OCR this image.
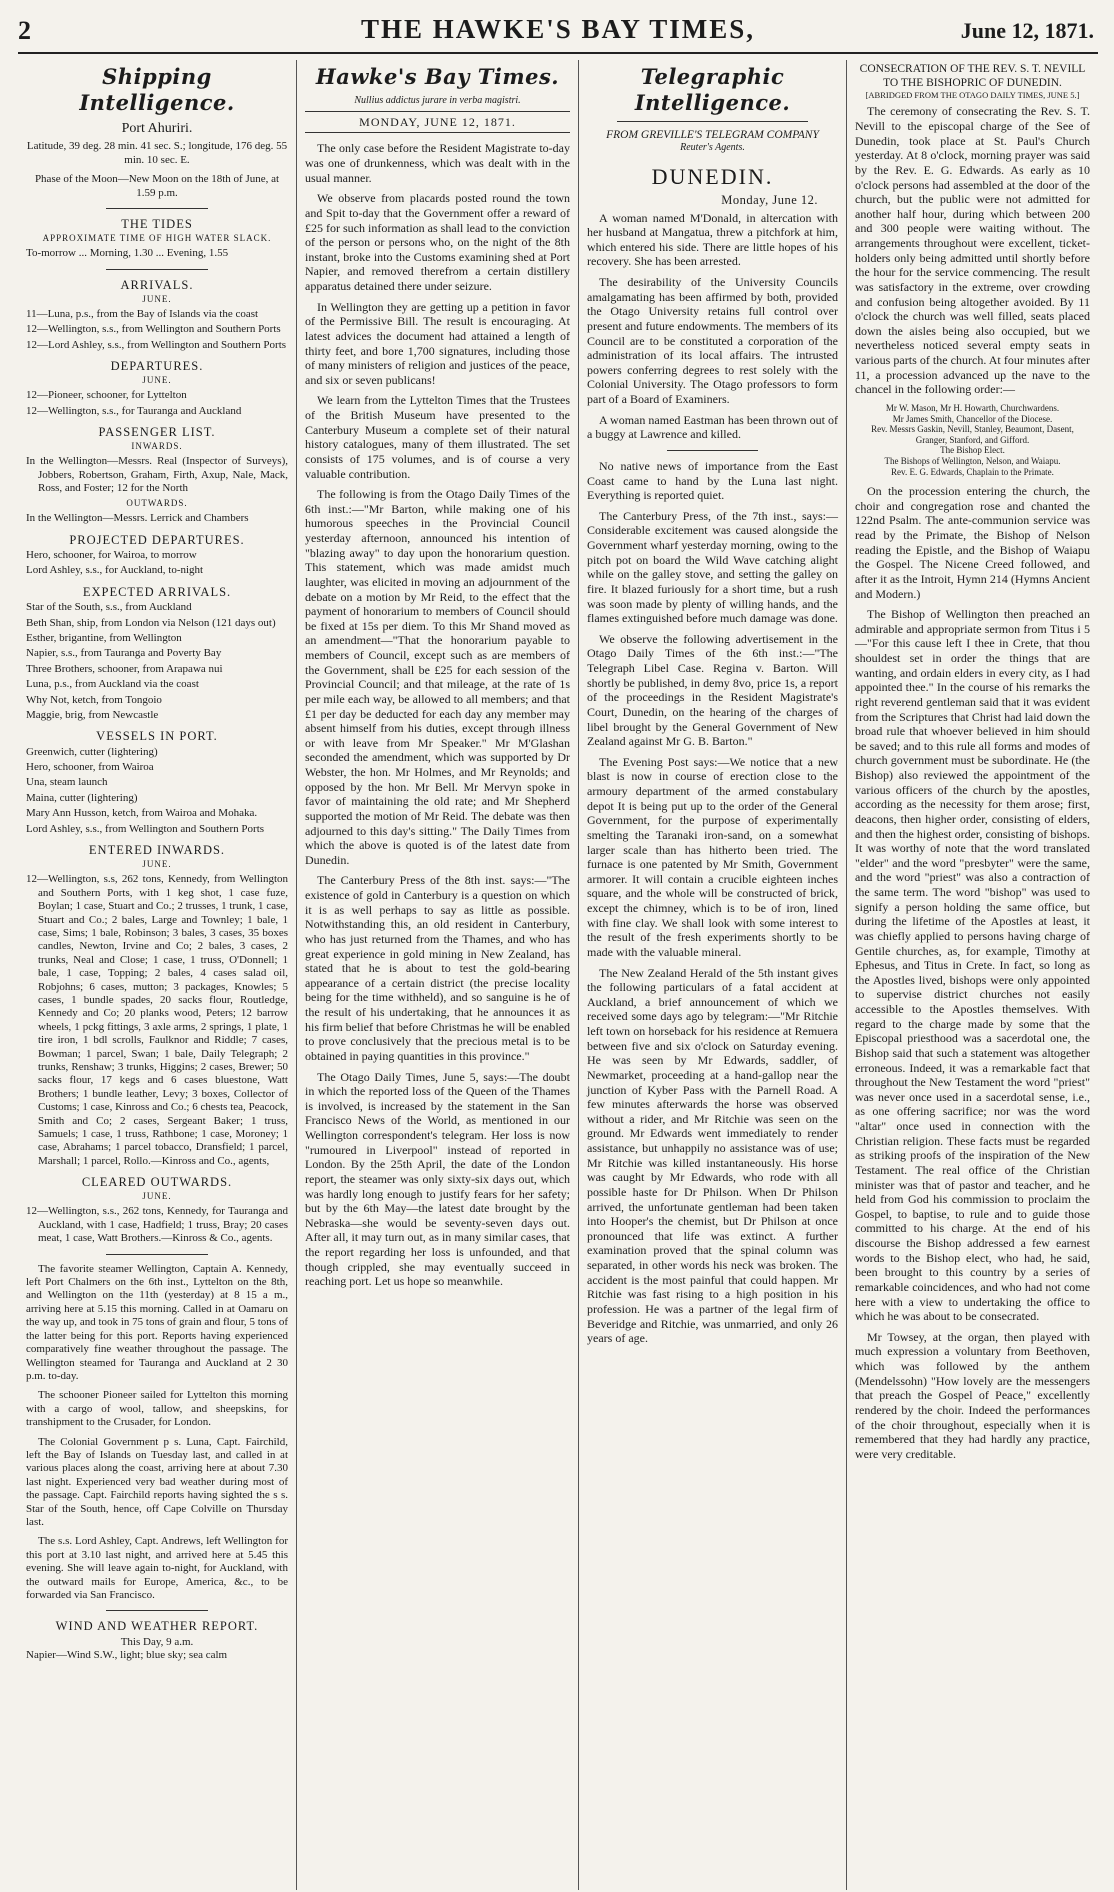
2	THE HAWKE'S BAY TIMES,	June 12, 1871.
Shipping Intelligence.
Port Ahuriri.

Latitude, 39 deg. 28 min. 41 sec. S.; longitude, 176 deg. 55 min. 10 sec. E.

Phase of the Moon—New Moon on the 18th of June, at 1.59 p.m.

THE TIDES
APPROXIMATE TIME OF HIGH WATER SLACK.

To-morrow ... Morning, 1.30 ... Evening, 1.55

ARRIVALS.
JUNE.
11—Luna, p.s., from the Bay of Islands via the coast
12—Wellington, s.s., from Wellington and Southern Ports
12—Lord Ashley, s.s., from Wellington and Southern Ports
DEPARTURES.
JUNE.
12—Pioneer, schooner, for Lyttelton
12—Wellington, s.s., for Tauranga and Auckland
PASSENGER LIST.
INWARDS.
In the Wellington—Messrs. Real (Inspector of Surveys), Jobbers, Robertson, Graham, Firth, Axup, Nale, Mack, Ross, and Foster; 12 for the North
OUTWARDS.
In the Wellington—Messrs. Lerrick and Chambers
PROJECTED DEPARTURES.
Hero, schooner, for Wairoa, to morrow
Lord Ashley, s.s., for Auckland, to-night
EXPECTED ARRIVALS.
Star of the South, s.s., from Auckland
Beth Shan, ship, from London via Nelson (121 days out)
Esther, brigantine, from Wellington
Napier, s.s., from Tauranga and Poverty Bay
Three Brothers, schooner, from Arapawa nui
Luna, p.s., from Auckland via the coast
Why Not, ketch, from Tongoio
Maggie, brig, from Newcastle
VESSELS IN PORT.
Greenwich, cutter (lightering)
Hero, schooner, from Wairoa
Una, steam launch
Maina, cutter (lightering)
Mary Ann Husson, ketch, from Wairoa and Mohaka.
Lord Ashley, s.s., from Wellington and Southern Ports
ENTERED INWARDS.
JUNE.
12—Wellington, s.s, 262 tons, Kennedy, from Wellington and Southern Ports, with 1 keg shot, 1 case fuze, Boylan; 1 case, Stuart and Co.; 2 trusses, 1 trunk, 1 case, Stuart and Co.; 2 bales, Large and Townley; 1 bale, 1 case, Sims; 1 bale, Robinson; 3 bales, 3 cases, 35 boxes candles, Newton, Irvine and Co; 2 bales, 3 cases, 2 trunks, Neal and Close; 1 case, 1 truss, O'Donnell; 1 bale, 1 case, Topping; 2 bales, 4 cases salad oil, Robjohns; 6 cases, mutton; 3 packages, Knowles; 5 cases, 1 bundle spades, 20 sacks flour, Routledge, Kennedy and Co; 20 planks wood, Peters; 12 barrow wheels, 1 pckg fittings, 3 axle arms, 2 springs, 1 plate, 1 tire iron, 1 bdl scrolls, Faulknor and Riddle; 7 cases, Bowman; 1 parcel, Swan; 1 bale, Daily Telegraph; 2 trunks, Renshaw; 3 trunks, Higgins; 2 cases, Brewer; 50 sacks flour, 17 kegs and 6 cases bluestone, Watt Brothers; 1 bundle leather, Levy; 3 boxes, Collector of Customs; 1 case, Kinross and Co.; 6 chests tea, Peacock, Smith and Co; 2 cases, Sergeant Baker; 1 truss, Samuels; 1 case, 1 truss, Rathbone; 1 case, Moroney; 1 case, Abrahams; 1 parcel tobacco, Dransfield; 1 parcel, Marshall; 1 parcel, Rollo.—Kinross and Co., agents,
CLEARED OUTWARDS.
JUNE.
12—Wellington, s.s., 262 tons, Kennedy, for Tauranga and Auckland, with 1 case, Hadfield; 1 truss, Bray; 20 cases meat, 1 case, Watt Brothers.—Kinross & Co., agents.

The favorite steamer Wellington, Captain A. Kennedy, left Port Chalmers on the 6th inst., Lyttelton on the 8th, and Wellington on the 11th (yesterday) at 8 15 a m., arriving here at 5.15 this morning. Called in at Oamaru on the way up, and took in 75 tons of grain and flour, 5 tons of the latter being for this port. Reports having experienced comparatively fine weather throughout the passage. The Wellington steamed for Tauranga and Auckland at 2 30 p.m. to-day.

The schooner Pioneer sailed for Lyttelton this morning with a cargo of wool, tallow, and sheepskins, for transhipment to the Crusader, for London.

The Colonial Government p s. Luna, Capt. Fairchild, left the Bay of Islands on Tuesday last, and called in at various places along the coast, arriving here at about 7.30 last night. Experienced very bad weather during most of the passage. Capt. Fairchild reports having sighted the s s. Star of the South, hence, off Cape Colville on Thursday last.

The s.s. Lord Ashley, Capt. Andrews, left Wellington for this port at 3.10 last night, and arrived here at 5.45 this evening. She will leave again to-night, for Auckland, with the outward mails for Europe, America, &c., to be forwarded via San Francisco.

WIND AND WEATHER REPORT.
This Day, 9 a.m.
Napier—Wind S.W., light; blue sky; sea calm
Hawke's Bay Times.
Nullius addictus jurare in verba magistri.
MONDAY, JUNE 12, 1871.

The only case before the Resident Magistrate to-day was one of drunkenness, which was dealt with in the usual manner.

We observe from placards posted round the town and Spit to-day that the Government offer a reward of £25 for such information as shall lead to the conviction of the person or persons who, on the night of the 8th instant, broke into the Customs examining shed at Port Napier, and removed therefrom a certain distillery apparatus detained there under seizure.

In Wellington they are getting up a petition in favor of the Permissive Bill. The result is encouraging. At latest advices the document had attained a length of thirty feet, and bore 1,700 signatures, including those of many ministers of religion and justices of the peace, and six or seven publicans!

We learn from the Lyttelton Times that the Trustees of the British Museum have presented to the Canterbury Museum a complete set of their natural history catalogues, many of them illustrated. The set consists of 175 volumes, and is of course a very valuable contribution.

The following is from the Otago Daily Times of the 6th inst.:—"Mr Barton, while making one of his humorous speeches in the Provincial Council yesterday afternoon, announced his intention of "blazing away" to day upon the honorarium question. This statement, which was made amidst much laughter, was elicited in moving an adjournment of the debate on a motion by Mr Reid, to the effect that the payment of honorarium to members of Council should be fixed at 15s per diem. To this Mr Shand moved as an amendment—"That the honorarium payable to members of Council, except such as are members of the Government, shall be £25 for each session of the Provincial Council; and that mileage, at the rate of 1s per mile each way, be allowed to all members; and that £1 per day be deducted for each day any member may absent himself from his duties, except through illness or with leave from Mr Speaker." Mr M'Glashan seconded the amendment, which was supported by Dr Webster, the hon. Mr Holmes, and Mr Reynolds; and opposed by the hon. Mr Bell. Mr Mervyn spoke in favor of maintaining the old rate; and Mr Shepherd supported the motion of Mr Reid. The debate was then adjourned to this day's sitting." The Daily Times from which the above is quoted is of the latest date from Dunedin.

The Canterbury Press of the 8th inst. says:—"The existence of gold in Canterbury is a question on which it is as well perhaps to say as little as possible. Notwithstanding this, an old resident in Canterbury, who has just returned from the Thames, and who has great experience in gold mining in New Zealand, has stated that he is about to test the gold-bearing appearance of a certain district (the precise locality being for the time withheld), and so sanguine is he of the result of his undertaking, that he announces it as his firm belief that before Christmas he will be enabled to prove conclusively that the precious metal is to be obtained in paying quantities in this province."

The Otago Daily Times, June 5, says:—The doubt in which the reported loss of the Queen of the Thames is involved, is increased by the statement in the San Francisco News of the World, as mentioned in our Wellington correspondent's telegram. Her loss is now "rumoured in Liverpool" instead of reported in London. By the 25th April, the date of the London report, the steamer was only sixty-six days out, which was hardly long enough to justify fears for her safety; but by the 6th May—the latest date brought by the Nebraska—she would be seventy-seven days out. After all, it may turn out, as in many similar cases, that the report regarding her loss is unfounded, and that though crippled, she may eventually succeed in reaching port. Let us hope so meanwhile.

Telegraphic Intelligence.
FROM GREVILLE'S TELEGRAM COMPANY
Reuter's Agents.
DUNEDIN.
Monday, June 12.

A woman named M'Donald, in altercation with her husband at Mangatua, threw a pitchfork at him, which entered his side. There are little hopes of his recovery. She has been arrested.

The desirability of the University Councils amalgamating has been affirmed by both, provided the Otago University retains full control over present and future endowments. The members of its Council are to be constituted a corporation of the administration of its local affairs. The intrusted powers conferring degrees to rest solely with the Colonial University. The Otago professors to form part of a Board of Examiners.

A woman named Eastman has been thrown out of a buggy at Lawrence and killed.

No native news of importance from the East Coast came to hand by the Luna last night. Everything is reported quiet.

The Canterbury Press, of the 7th inst., says:—Considerable excitement was caused alongside the Government wharf yesterday morning, owing to the pitch pot on board the Wild Wave catching alight while on the galley stove, and setting the galley on fire. It blazed furiously for a short time, but a rush was soon made by plenty of willing hands, and the flames extinguished before much damage was done.

We observe the following advertisement in the Otago Daily Times of the 6th inst.:—"The Telegraph Libel Case. Regina v. Barton. Will shortly be published, in demy 8vo, price 1s, a report of the proceedings in the Resident Magistrate's Court, Dunedin, on the hearing of the charges of libel brought by the General Government of New Zealand against Mr G. B. Barton."

The Evening Post says:—We notice that a new blast is now in course of erection close to the armoury department of the armed constabulary depot It is being put up to the order of the General Government, for the purpose of experimentally smelting the Taranaki iron-sand, on a somewhat larger scale than has hitherto been tried. The furnace is one patented by Mr Smith, Government armorer. It will contain a crucible eighteen inches square, and the whole will be constructed of brick, except the chimney, which is to be of iron, lined with fine clay. We shall look with some interest to the result of the fresh experiments shortly to be made with the valuable mineral.

The New Zealand Herald of the 5th instant gives the following particulars of a fatal accident at Auckland, a brief announcement of which we received some days ago by telegram:—"Mr Ritchie left town on horseback for his residence at Remuera between five and six o'clock on Saturday evening. He was seen by Mr Edwards, saddler, of Newmarket, proceeding at a hand-gallop near the junction of Kyber Pass with the Parnell Road. A few minutes afterwards the horse was observed without a rider, and Mr Ritchie was seen on the ground. Mr Edwards went immediately to render assistance, but unhappily no assistance was of use; Mr Ritchie was killed instantaneously. His horse was caught by Mr Edwards, who rode with all possible haste for Dr Philson. When Dr Philson arrived, the unfortunate gentleman had been taken into Hooper's the chemist, but Dr Philson at once pronounced that life was extinct. A further examination proved that the spinal column was separated, in other words his neck was broken. The accident is the most painful that could happen. Mr Ritchie was fast rising to a high position in his profession. He was a partner of the legal firm of Beveridge and Ritchie, was unmarried, and only 26 years of age.

CONSECRATION OF THE REV. S. T. NEVILL TO THE BISHOPRIC OF DUNEDIN.
[ABRIDGED FROM THE OTAGO DAILY TIMES, JUNE 5.]

The ceremony of consecrating the Rev. S. T. Nevill to the episcopal charge of the See of Dunedin, took place at St. Paul's Church yesterday. At 8 o'clock, morning prayer was said by the Rev. E. G. Edwards. As early as 10 o'clock persons had assembled at the door of the church, but the public were not admitted for another half hour, during which between 200 and 300 people were waiting without. The arrangements throughout were excellent, ticket-holders only being admitted until shortly before the hour for the service commencing. The result was satisfactory in the extreme, over crowding and confusion being altogether avoided. By 11 o'clock the church was well filled, seats placed down the aisles being also occupied, but we nevertheless noticed several empty seats in various parts of the church. At four minutes after 11, a procession advanced up the nave to the chancel in the following order:—

Mr W. Mason, Mr H. Howarth, Churchwardens.
Mr James Smith, Chancellor of the Diocese.
Rev. Messrs Gaskin, Nevill, Stanley, Beaumont, Dasent, Granger, Stanford, and Gifford.
The Bishop Elect.
The Bishops of Wellington, Nelson, and Waiapu.
Rev. E. G. Edwards, Chaplain to the Primate.

On the procession entering the church, the choir and congregation rose and chanted the 122nd Psalm. The ante-communion service was read by the Primate, the Bishop of Nelson reading the Epistle, and the Bishop of Waiapu the Gospel. The Nicene Creed followed, and after it as the Introit, Hymn 214 (Hymns Ancient and Modern.)

The Bishop of Wellington then preached an admirable and appropriate sermon from Titus i 5—"For this cause left I thee in Crete, that thou shouldest set in order the things that are wanting, and ordain elders in every city, as I had appointed thee." In the course of his remarks the right reverend gentleman said that it was evident from the Scriptures that Christ had laid down the broad rule that whoever believed in him should be saved; and to this rule all forms and modes of church government must be subordinate. He (the Bishop) also reviewed the appointment of the various officers of the church by the apostles, according as the necessity for them arose; first, deacons, then higher order, consisting of elders, and then the highest order, consisting of bishops. It was worthy of note that the word translated "elder" and the word "presbyter" were the same, and the word "priest" was also a contraction of the same term. The word "bishop" was used to signify a person holding the same office, but during the lifetime of the Apostles at least, it was chiefly applied to persons having charge of Gentile churches, as, for example, Timothy at Ephesus, and Titus in Crete. In fact, so long as the Apostles lived, bishops were only appointed to supervise district churches not easily accessible to the Apostles themselves. With regard to the charge made by some that the Episcopal priesthood was a sacerdotal one, the Bishop said that such a statement was altogether erroneous. Indeed, it was a remarkable fact that throughout the New Testament the word "priest" was never once used in a sacerdotal sense, i.e., as one offering sacrifice; nor was the word "altar" once used in connection with the Christian religion. These facts must be regarded as striking proofs of the inspiration of the New Testament. The real office of the Christian minister was that of pastor and teacher, and he held from God his commission to proclaim the Gospel, to baptise, to rule and to guide those committed to his charge. At the end of his discourse the Bishop addressed a few earnest words to the Bishop elect, who had, he said, been brought to this country by a series of remarkable coincidences, and who had not come here with a view to undertaking the office to which he was about to be consecrated.

Mr Towsey, at the organ, then played with much expression a voluntary from Beethoven, which was followed by the anthem (Mendelssohn) "How lovely are the messengers that preach the Gospel of Peace," excellently rendered by the choir. Indeed the performances of the choir throughout, especially when it is remembered that they had hardly any practice, were very creditable.
